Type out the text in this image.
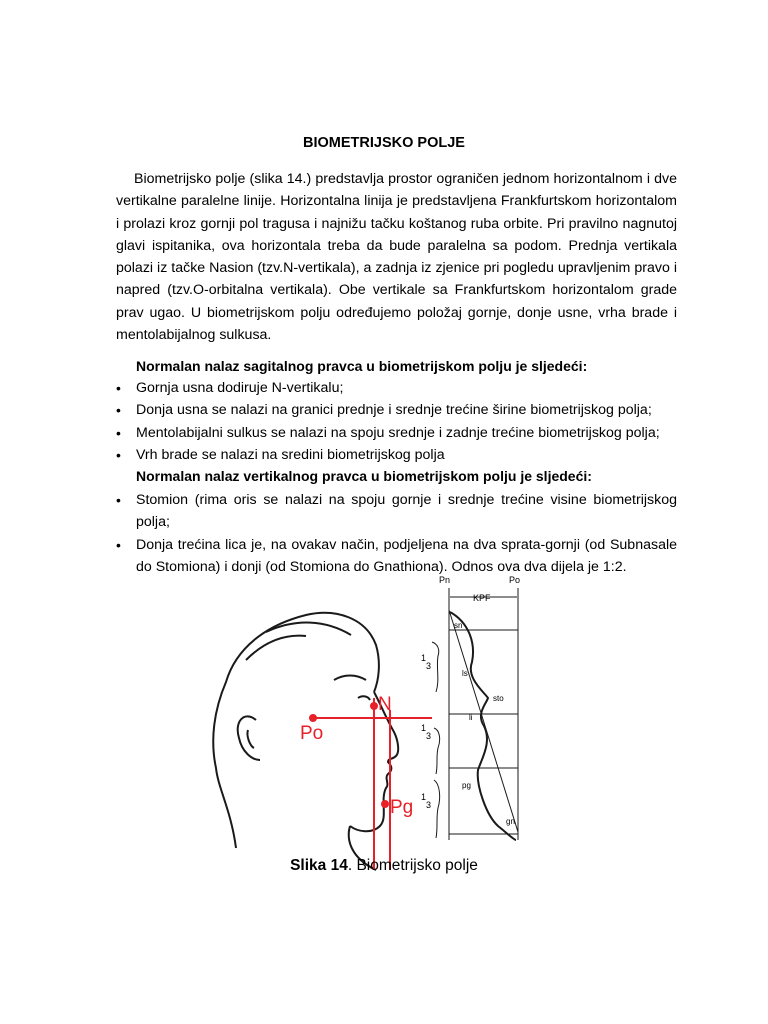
BIOMETRIJSKO POLJE

Biometrijsko polje (slika 14.) predstavlja prostor ograničen jednom horizontalnom i dve vertikalne paralelne linije. Horizontalna linija je predstavljena Frankfurtskom horizontalom i prolazi kroz gornji pol tragusa i najnižu tačku koštanog ruba orbite. Pri pravilno nagnutoj glavi ispitanika, ova horizontala treba da bude paralelna sa podom. Prednja vertikala polazi iz tačke Nasion (tzv.N-vertikala), a zadnja iz zjenice pri pogledu upravljenim pravo i napred (tzv.O-orbitalna vertikala). Obe vertikale sa Frankfurtskom horizontalom grade prav ugao. U biometrijskom polju određujemo položaj gornje, donje usne, vrha brade i mentolabijalnog sulkusa.

Normalan nalaz sagitalnog pravca u biometrijskom polju je sljedeći:
• Gornja usna dodiruje N-vertikalu;
• Donja usna se nalazi na granici prednje i srednje trećine širine biometrijskog polja;
• Mentolabijalni sulkus se nalazi na spoju srednje i zadnje trećine biometrijskog polja;
• Vrh brade se nalazi na sredini biometrijskog polja
Normalan nalaz vertikalnog pravca u biometrijskom polju je sljedeći:
• Stomion (rima oris se nalazi na spoju gornje i srednje trećine visine biometrijskog polja;
• Donja trećina lica je, na ovakav način, podjeljena na dva sprata-gornji (od Subnasale do Stomiona) i donji (od Stomiona do Gnathiona). Odnos ova dva dijela je 1:2.
N
Po
Pg
Pn	Po
KPF
sn
ls
sto
li
pg
gn
1
3
1
3
1
3
Slika 14. Biometrijsko polje
